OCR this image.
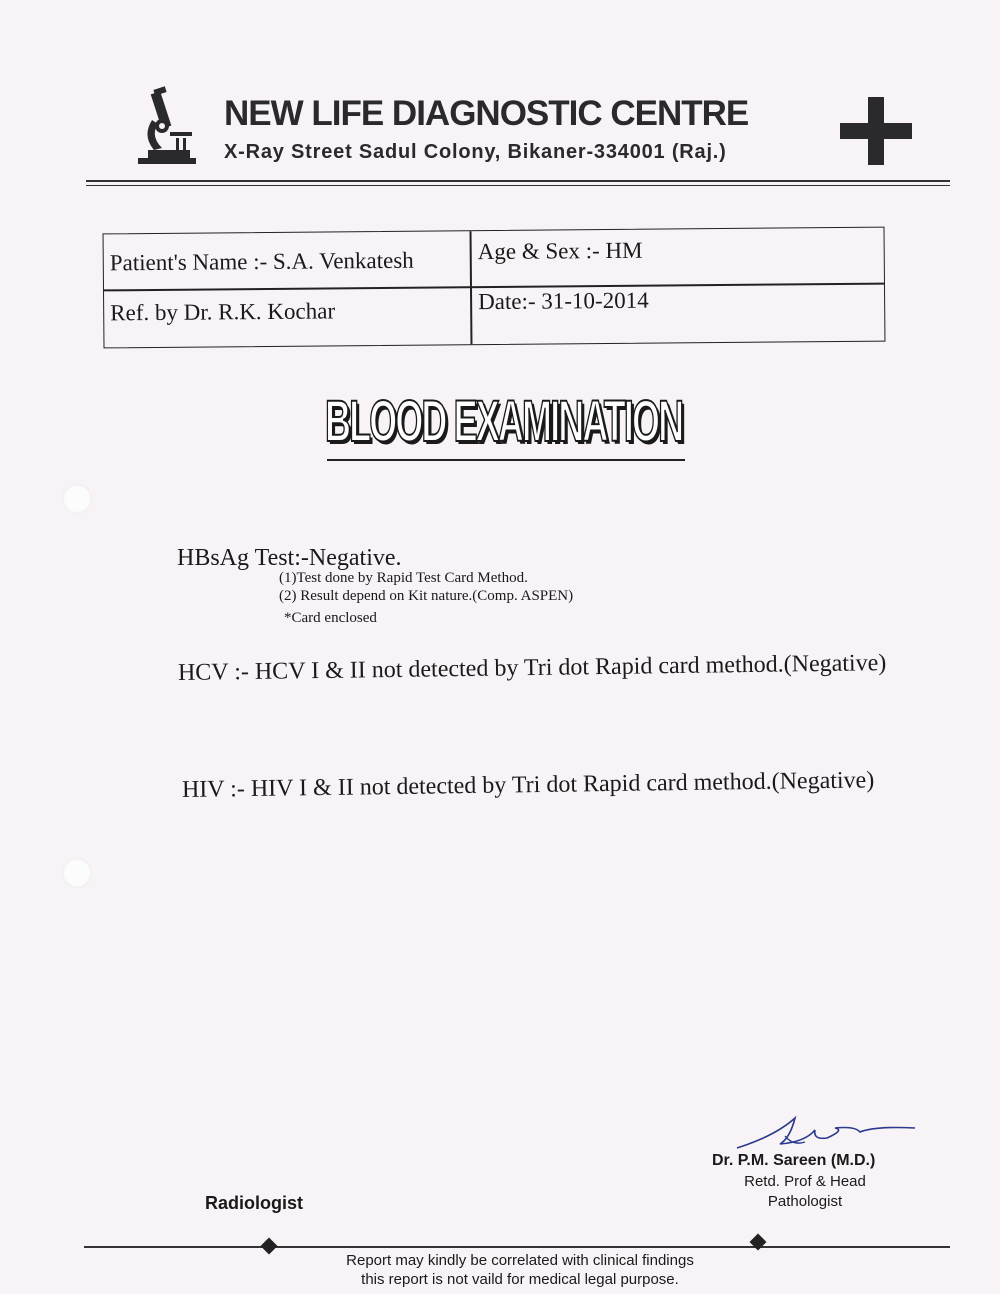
NEW LIFE DIAGNOSTIC CENTRE
X-Ray Street Sadul Colony, Bikaner-334001 (Raj.)
Patient's Name :- S.A. Venkatesh	Age & Sex :- HM
Ref. by Dr. R.K. Kochar	Date:- 31-10-2014
BLOOD EXAMINATION
HBsAg Test:-Negative.
(1)Test done by Rapid Test Card Method.
(2) Result depend on Kit nature.(Comp. ASPEN)
*Card enclosed
HCV :- HCV I & II not detected by Tri dot Rapid card method.(Negative)
HIV :- HIV I & II not detected by Tri dot Rapid card method.(Negative)
Dr. P.M. Sareen (M.D.)
Retd. Prof & Head
Pathologist
Radiologist
Report may kindly be correlated with clinical findings
this report is not vaild for medical legal purpose.
